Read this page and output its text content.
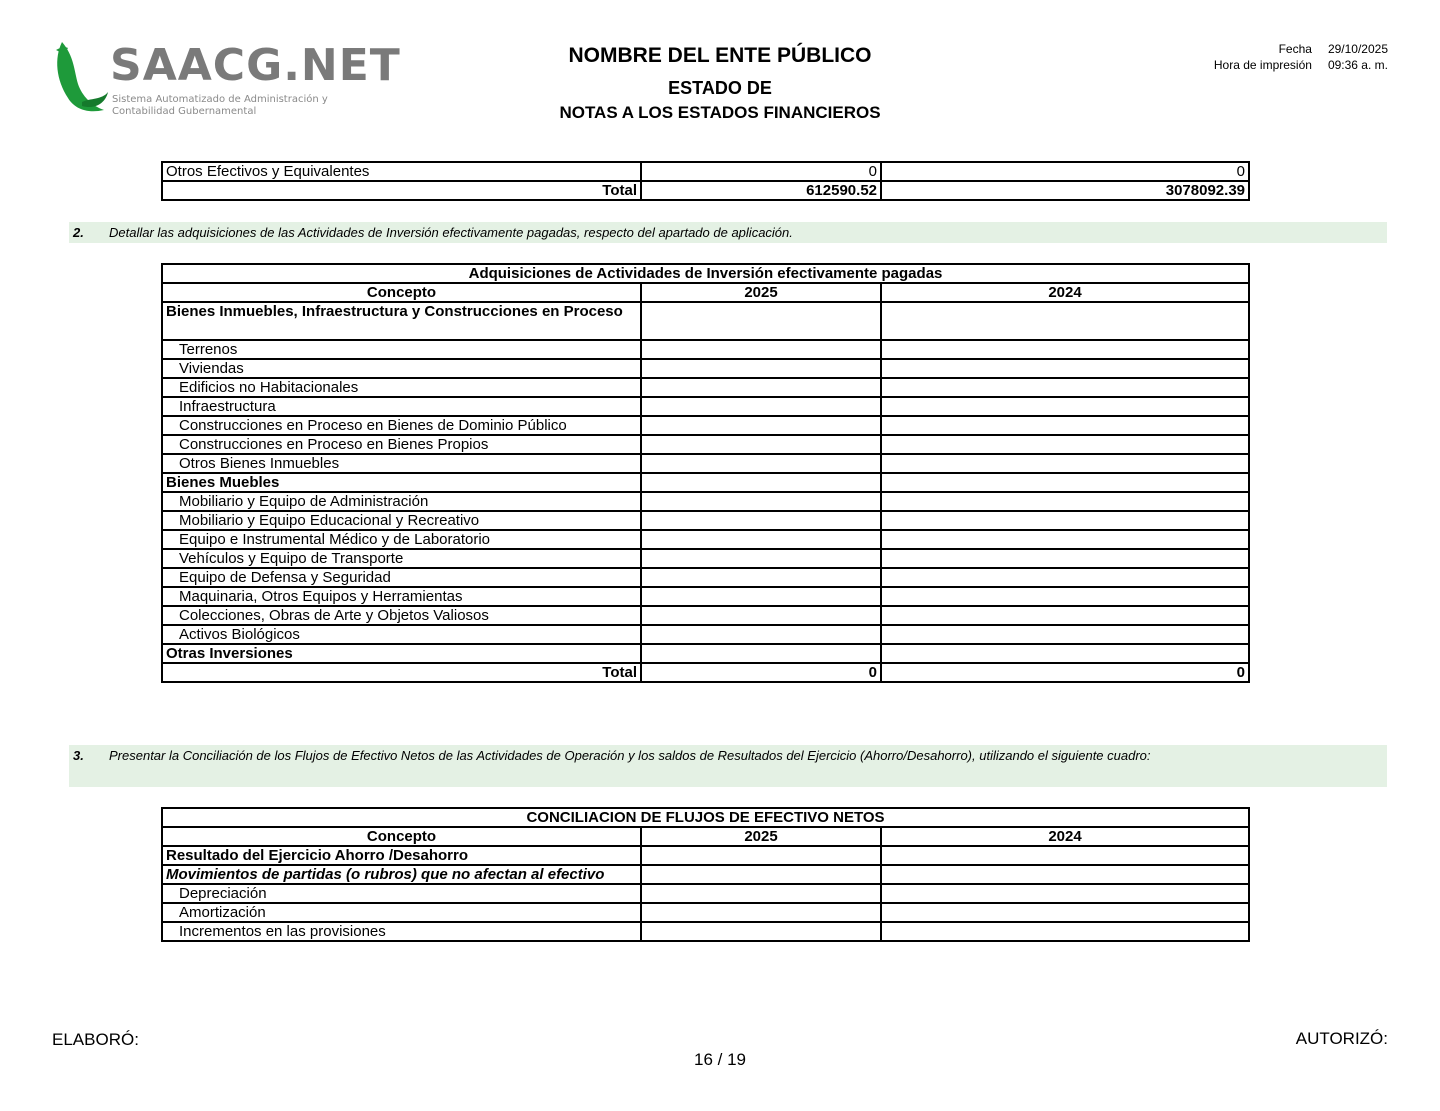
SAACG.NET
Sistema Automatizado de Administración y
Contabilidad Gubernamental
NOMBRE DEL ENTE PÚBLICO
ESTADO DE
NOTAS A LOS ESTADOS FINANCIEROS
Fecha	29/10/2025
Hora de impresión	09:36 a. m.
Otros Efectivos y Equivalentes	0	0
Total	612590.52	3078092.39
2. Detallar las adquisiciones de las Actividades de Inversión efectivamente pagadas, respecto del apartado de aplicación.
Adquisiciones de Actividades de Inversión efectivamente pagadas		
Concepto	2025	2024
Bienes Inmuebles, Infraestructura y Construcciones en Proceso		
Terrenos		
Viviendas		
Edificios no Habitacionales		
Infraestructura		
Construcciones en Proceso en Bienes de Dominio Público		
Construcciones en Proceso en Bienes Propios		
Otros Bienes Inmuebles		
Bienes Muebles		
Mobiliario y Equipo de Administración		
Mobiliario y Equipo Educacional y Recreativo		
Equipo e Instrumental Médico y de Laboratorio		
Vehículos y Equipo de Transporte		
Equipo de Defensa y Seguridad		
Maquinaria, Otros Equipos y Herramientas		
Colecciones, Obras de Arte y Objetos Valiosos		
Activos Biológicos		
Otras Inversiones		
Total	0	0
3. Presentar la Conciliación de los Flujos de Efectivo Netos de las Actividades de Operación y los saldos de Resultados del Ejercicio (Ahorro/Desahorro), utilizando el siguiente cuadro:
CONCILIACION DE FLUJOS DE EFECTIVO NETOS		
Concepto	2025	2024
Resultado del Ejercicio Ahorro /Desahorro		
Movimientos de partidas (o rubros) que no afectan al efectivo		
Depreciación		
Amortización		
Incrementos en las provisiones		
ELABORÓ:	AUTORIZÓ:
16 / 19
